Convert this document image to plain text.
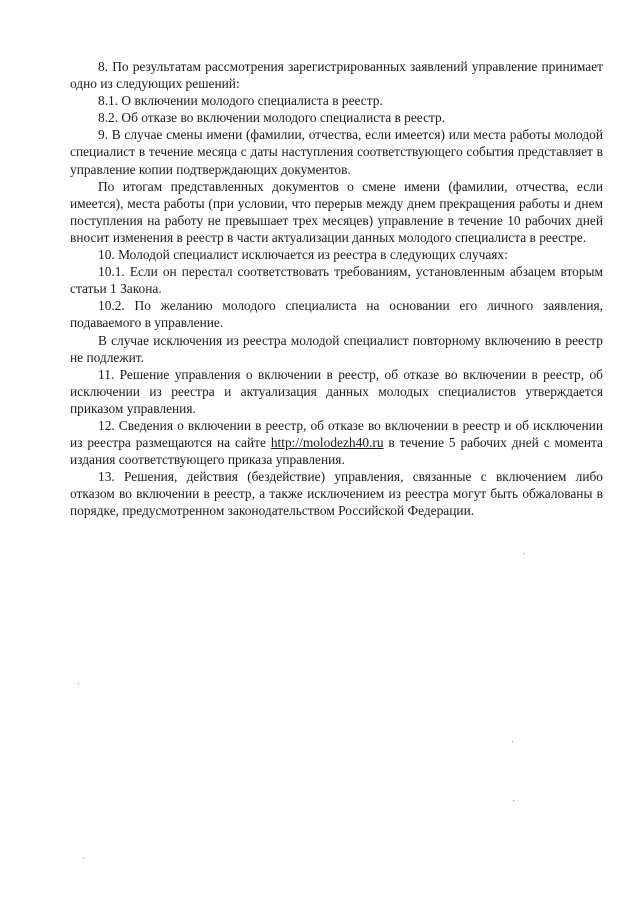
8. По результатам рассмотрения зарегистрированных заявлений управление принимает одно из следующих решений:

8.1. О включении молодого специалиста в реестр.

8.2. Об отказе во включении молодого специалиста в реестр.

9. В случае смены имени (фамилии, отчества, если имеется) или места работы молодой специалист в течение месяца с даты наступления соответствующего события представляет в управление копии подтверждающих документов.

По итогам представленных документов о смене имени (фамилии, отчества, если имеется), места работы (при условии, что перерыв между днем прекращения работы и днем поступления на работу не превышает трех месяцев) управление в течение 10 рабочих дней вносит изменения в реестр в части актуализации данных молодого специалиста в реестре.

10. Молодой специалист исключается из реестра в следующих случаях:

10.1. Если он перестал соответствовать требованиям, установленным абзацем вторым статьи 1 Закона.

10.2. По желанию молодого специалиста на основании его личного заявления, подаваемого в управление.

В случае исключения из реестра молодой специалист повторному включению в реестр не подлежит.

11. Решение управления о включении в реестр, об отказе во включении в реестр, об исключении из реестра и актуализация данных молодых специалистов утверждается приказом управления.

12. Сведения о включении в реестр, об отказе во включении в реестр и об исключении из реестра размещаются на сайте http://molodezh40.ru в течение 5 рабочих дней с момента издания соответствующего приказа управления.

13. Решения, действия (бездействие) управления, связанные с включением либо отказом во включении в реестр, а также исключением из реестра могут быть обжалованы в порядке, предусмотренном законодательством Российской Федерации.
